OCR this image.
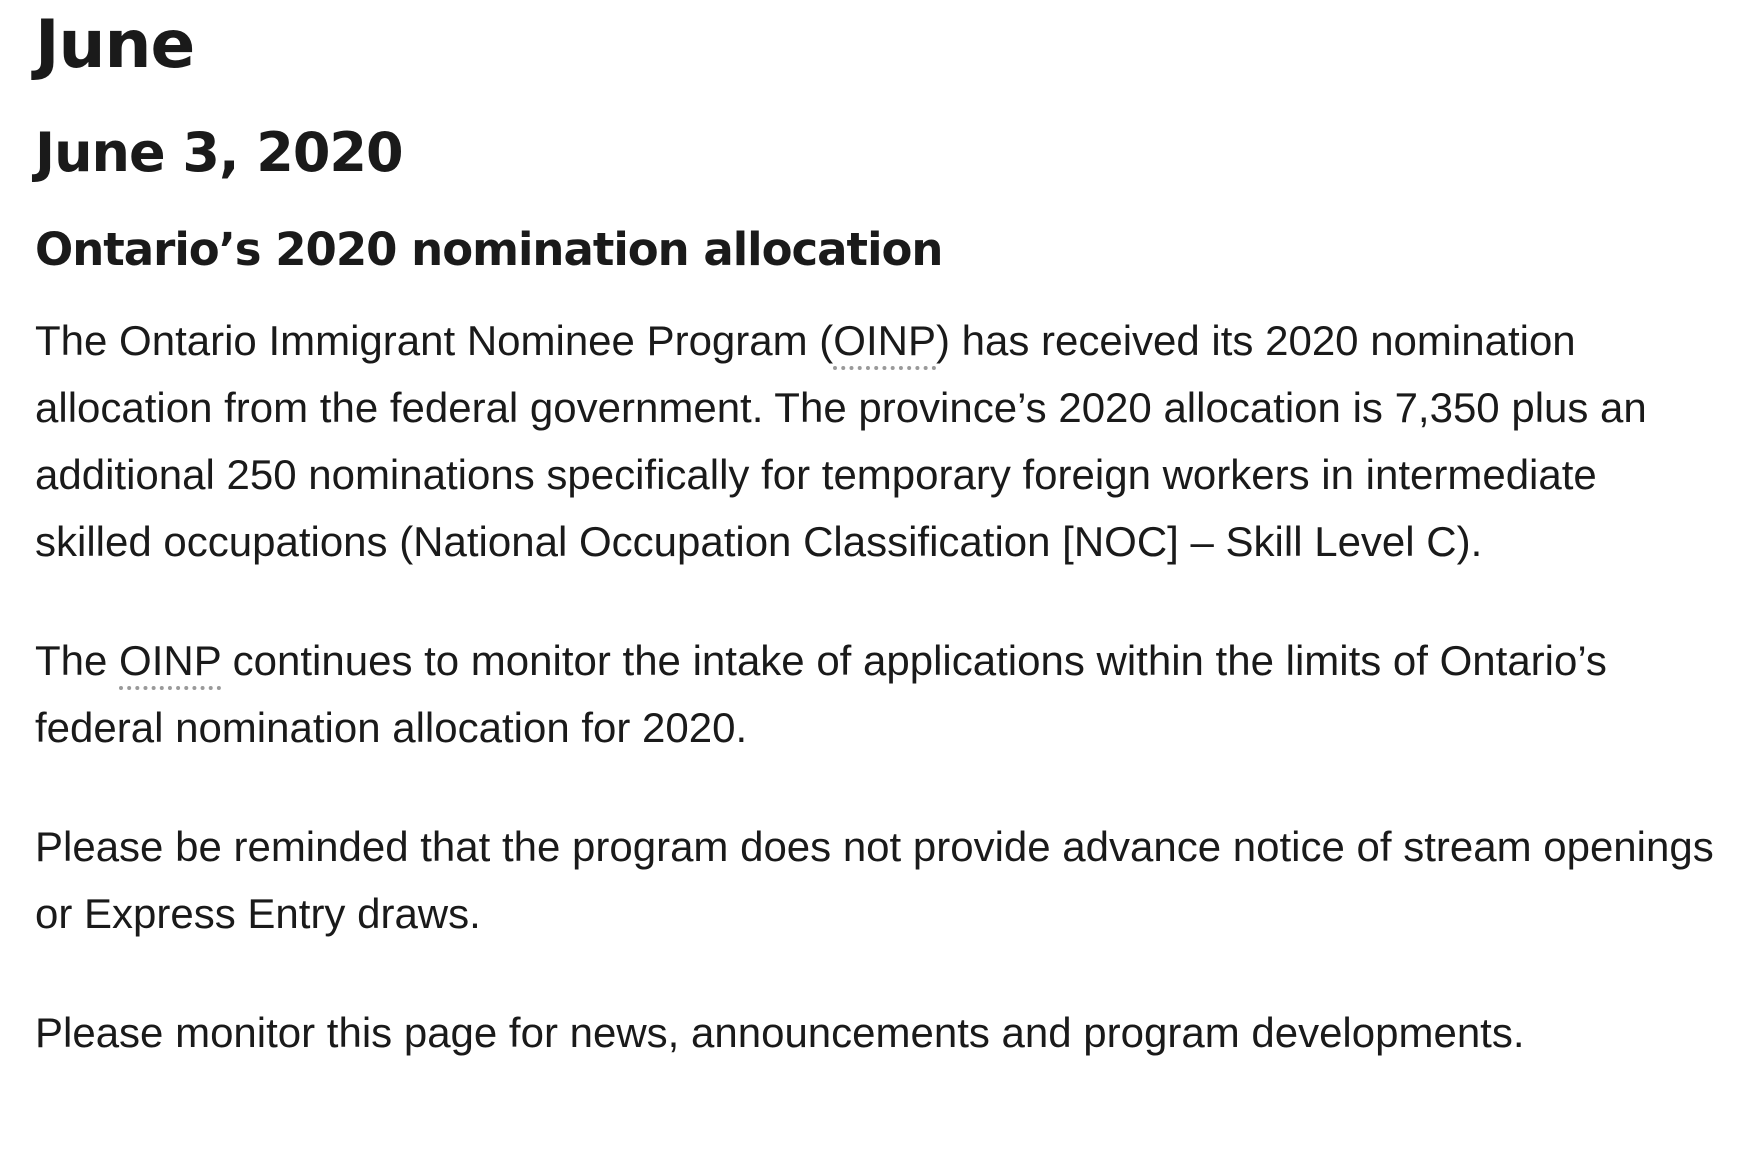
June
June 3, 2020
Ontario’s 2020 nomination allocation

The Ontario Immigrant Nominee Program (OINP) has received its 2020 nomination allocation from the federal government. The province’s 2020 allocation is 7,350 plus an additional 250 nominations specifically for temporary foreign workers in intermediate skilled occupations (National Occupation Classification [NOC] – Skill Level C).

The OINP continues to monitor the intake of applications within the limits of Ontario’s federal nomination allocation for 2020.

Please be reminded that the program does not provide advance notice of stream openings or Express Entry draws.

Please monitor this page for news, announcements and program developments.
